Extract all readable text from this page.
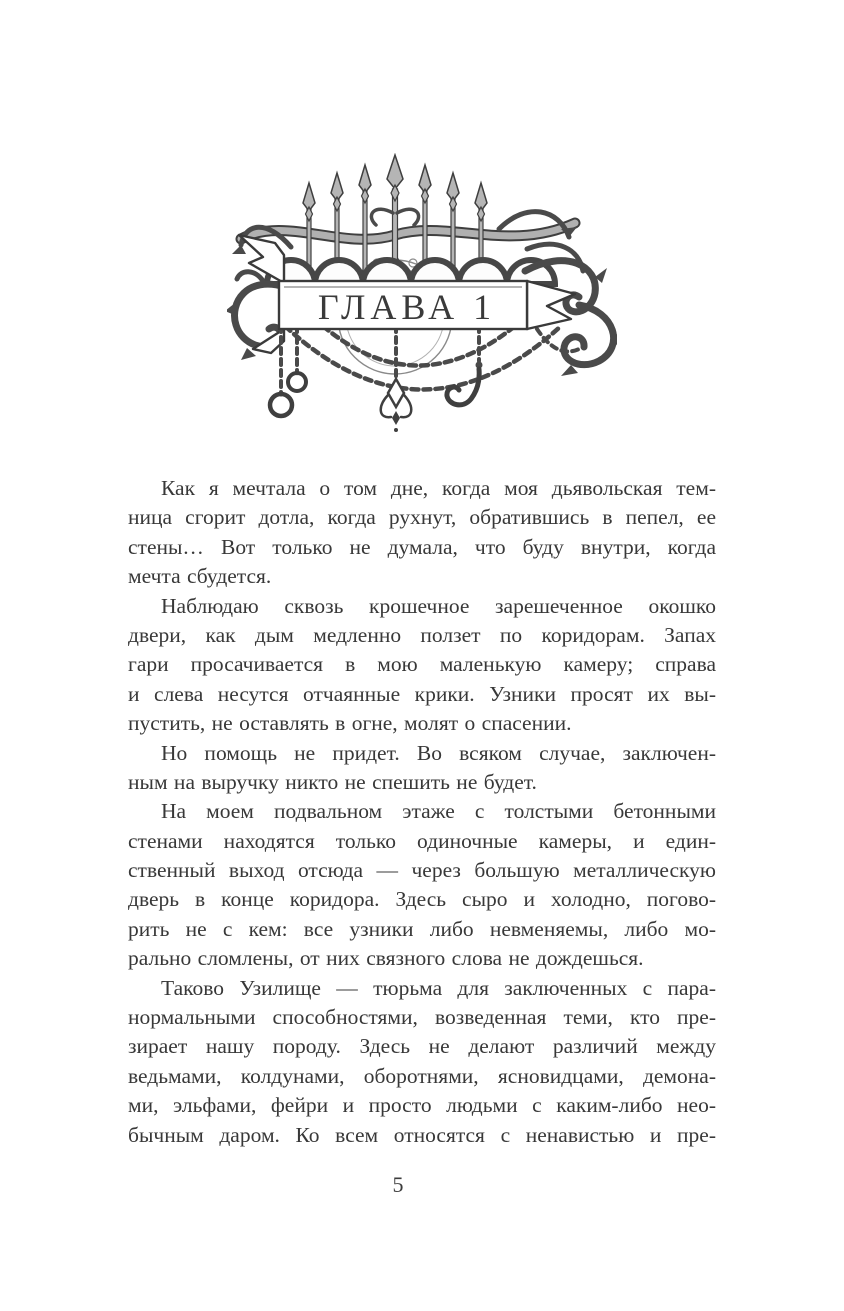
ГЛАВА 1
Как я мечтала о том дне, когда моя дьявольская тем-
ница сгорит дотла, когда рухнут, обратившись в пепел, ее
стены… Вот только не думала, что буду внутри, когда
мечта сбудется.
Наблюдаю сквозь крошечное зарешеченное окошко
двери, как дым медленно ползет по коридорам. Запах
гари просачивается в мою маленькую камеру; справа
и слева несутся отчаянные крики. Узники просят их вы-
пустить, не оставлять в огне, молят о спасении.
Но помощь не придет. Во всяком случае, заключен-
ным на выручку никто не спешить не будет.
На моем подвальном этаже с толстыми бетонными
стенами находятся только одиночные камеры, и един-
ственный выход отсюда — через большую металлическую
дверь в конце коридора. Здесь сыро и холодно, погово-
рить не с кем: все узники либо невменяемы, либо мо-
рально сломлены, от них связного слова не дождешься.
Таково Узилище — тюрьма для заключенных с пара-
нормальными способностями, возведенная теми, кто пре-
зирает нашу породу. Здесь не делают различий между
ведьмами, колдунами, оборотнями, ясновидцами, демона-
ми, эльфами, фейри и просто людьми с каким-либо нео-
бычным даром. Ко всем относятся с ненавистью и пре-
5
